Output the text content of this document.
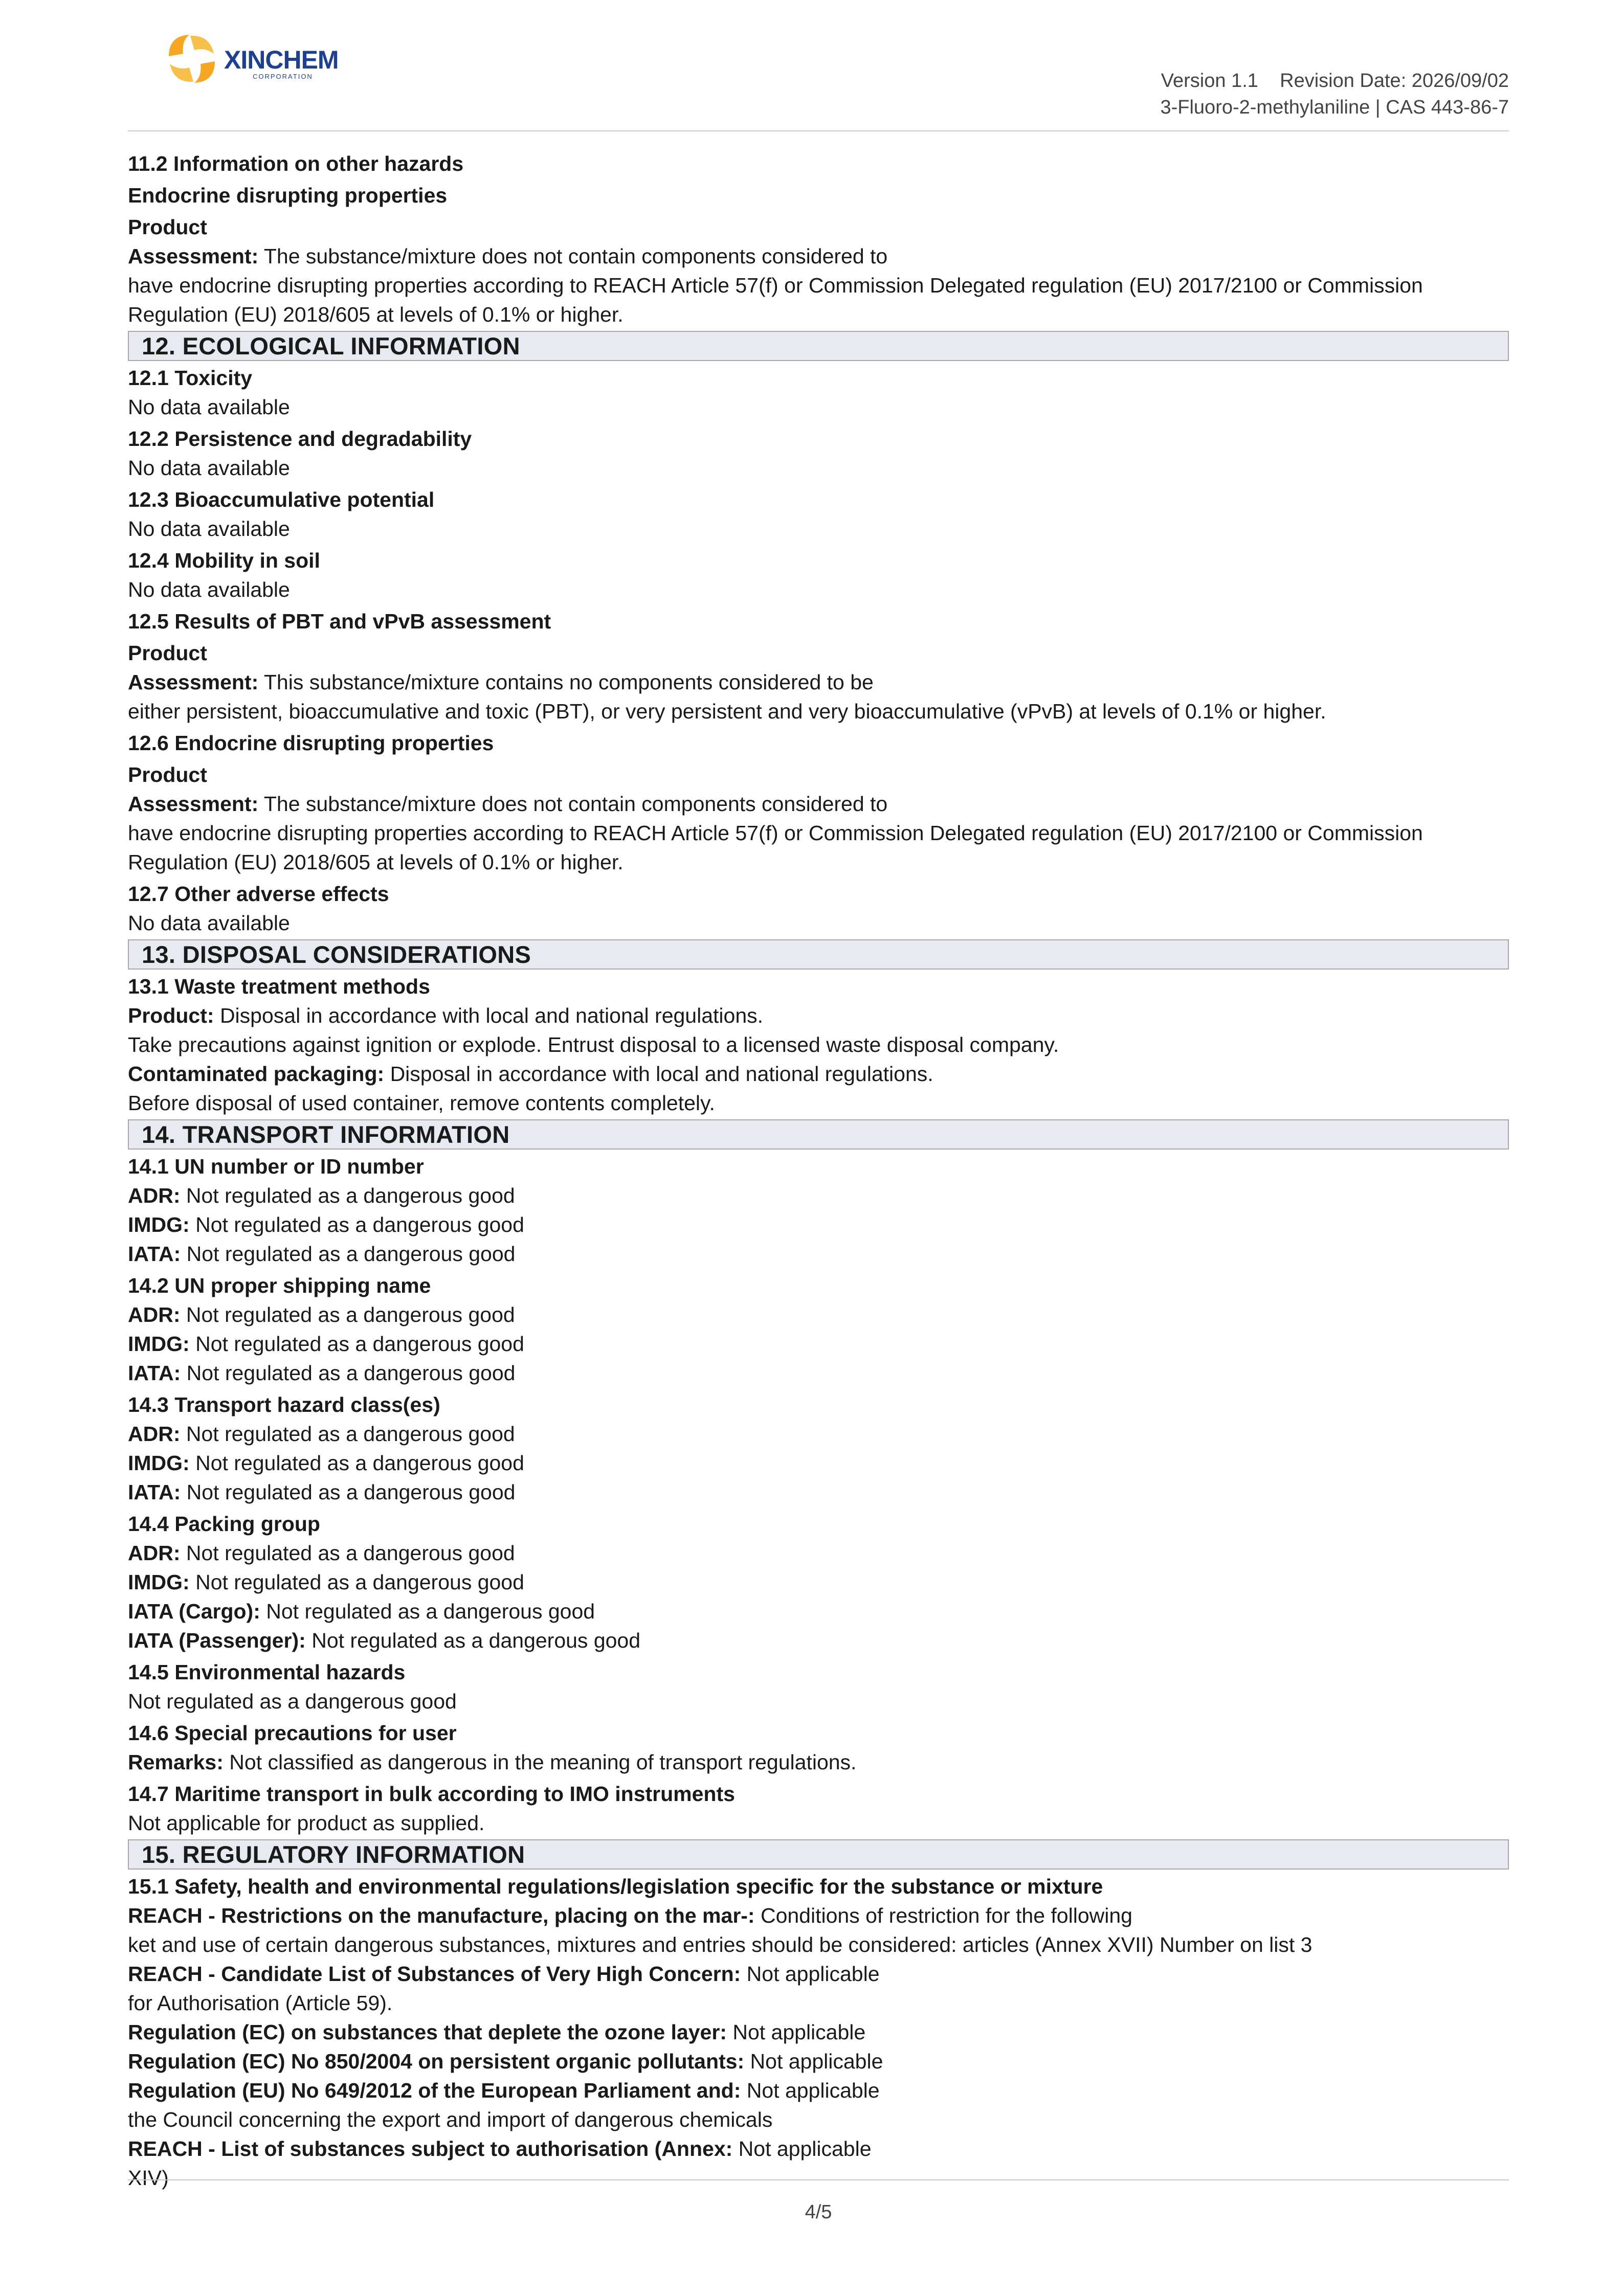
XINCHEM
CORPORATION	Version 1.1 Revision Date: 2026/09/02
3-Fluoro-2-methylaniline | CAS 443-86-7

11.2 Information on other hazards

Endocrine disrupting properties

Product

Assessment: The substance/mixture does not contain components considered to

have endocrine disrupting properties according to REACH Article 57(f) or Commission Delegated regulation (EU) 2017/2100 or Commission

Regulation (EU) 2018/605 at levels of 0.1% or higher.

12. ECOLOGICAL INFORMATION

12.1 Toxicity

No data available

12.2 Persistence and degradability

No data available

12.3 Bioaccumulative potential

No data available

12.4 Mobility in soil

No data available

12.5 Results of PBT and vPvB assessment

Product

Assessment: This substance/mixture contains no components considered to be

either persistent, bioaccumulative and toxic (PBT), or very persistent and very bioaccumulative (vPvB) at levels of 0.1% or higher.

12.6 Endocrine disrupting properties

Product

Assessment: The substance/mixture does not contain components considered to

have endocrine disrupting properties according to REACH Article 57(f) or Commission Delegated regulation (EU) 2017/2100 or Commission

Regulation (EU) 2018/605 at levels of 0.1% or higher.

12.7 Other adverse effects

No data available

13. DISPOSAL CONSIDERATIONS

13.1 Waste treatment methods

Product: Disposal in accordance with local and national regulations.

Take precautions against ignition or explode. Entrust disposal to a licensed waste disposal company.

Contaminated packaging: Disposal in accordance with local and national regulations.

Before disposal of used container, remove contents completely.

14. TRANSPORT INFORMATION

14.1 UN number or ID number

ADR: Not regulated as a dangerous good

IMDG: Not regulated as a dangerous good

IATA: Not regulated as a dangerous good

14.2 UN proper shipping name

ADR: Not regulated as a dangerous good

IMDG: Not regulated as a dangerous good

IATA: Not regulated as a dangerous good

14.3 Transport hazard class(es)

ADR: Not regulated as a dangerous good

IMDG: Not regulated as a dangerous good

IATA: Not regulated as a dangerous good

14.4 Packing group

ADR: Not regulated as a dangerous good

IMDG: Not regulated as a dangerous good

IATA (Cargo): Not regulated as a dangerous good

IATA (Passenger): Not regulated as a dangerous good

14.5 Environmental hazards

Not regulated as a dangerous good

14.6 Special precautions for user

Remarks: Not classified as dangerous in the meaning of transport regulations.

14.7 Maritime transport in bulk according to IMO instruments

Not applicable for product as supplied.

15. REGULATORY INFORMATION

15.1 Safety, health and environmental regulations/legislation specific for the substance or mixture

REACH - Restrictions on the manufacture, placing on the mar-: Conditions of restriction for the following

ket and use of certain dangerous substances, mixtures and entries should be considered: articles (Annex XVII) Number on list 3

REACH - Candidate List of Substances of Very High Concern: Not applicable

for Authorisation (Article 59).

Regulation (EC) on substances that deplete the ozone layer: Not applicable

Regulation (EC) No 850/2004 on persistent organic pollutants: Not applicable

Regulation (EU) No 649/2012 of the European Parliament and: Not applicable

the Council concerning the export and import of dangerous chemicals

REACH - List of substances subject to authorisation (Annex: Not applicable

XIV)

4/5
